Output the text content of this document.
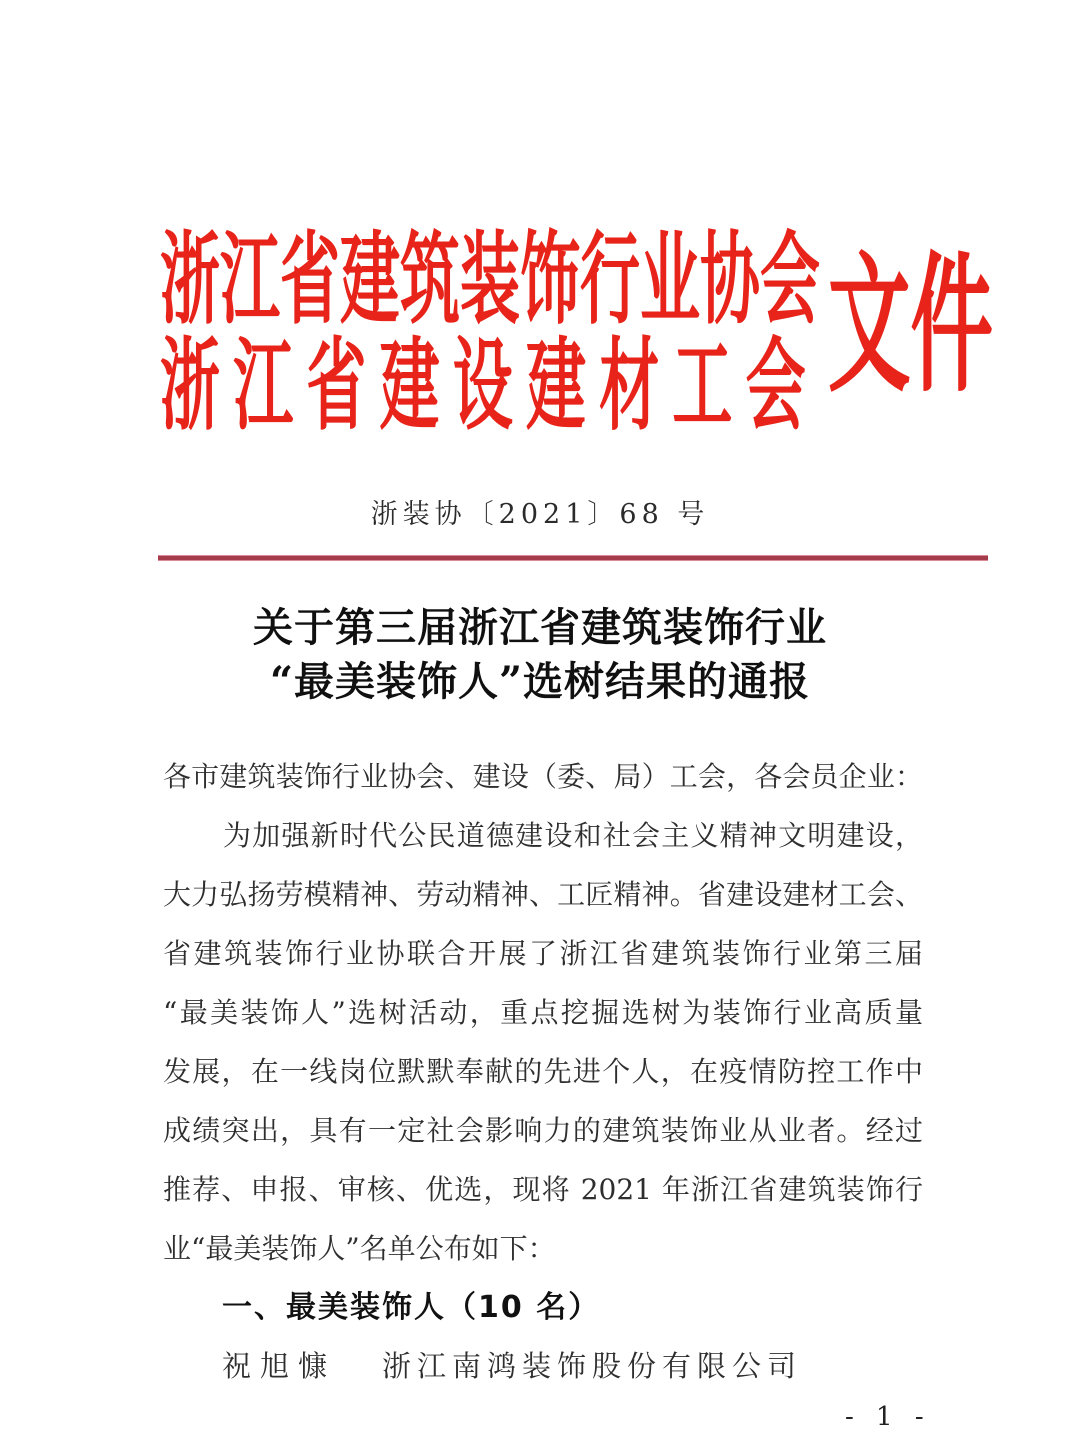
浙江省建筑装饰行业协会
浙江省建设建材工会 文件
浙装协〔2021〕68 号
关于第三届浙江省建筑装饰行业
“最美装饰人”选树结果的通报
各市建筑装饰行业协会、建设（委、局）工会，各会员企业：
为加强新时代公民道德建设和社会主义精神文明建设，
大力弘扬劳模精神、劳动精神、工匠精神。省建设建材工会、
省建筑装饰行业协联合开展了浙江省建筑装饰行业第三届
“最美装饰人”选树活动，重点挖掘选树为装饰行业高质量
发展，在一线岗位默默奉献的先进个人，在疫情防控工作中
成绩突出，具有一定社会影响力的建筑装饰业从业者。经过
推荐、申报、审核、优选，现将 2021 年浙江省建筑装饰行
业“最美装饰人”名单公布如下：
一、最美装饰人（10 名）
祝旭慷 浙江南鸿装饰股份有限公司
- 1 -
